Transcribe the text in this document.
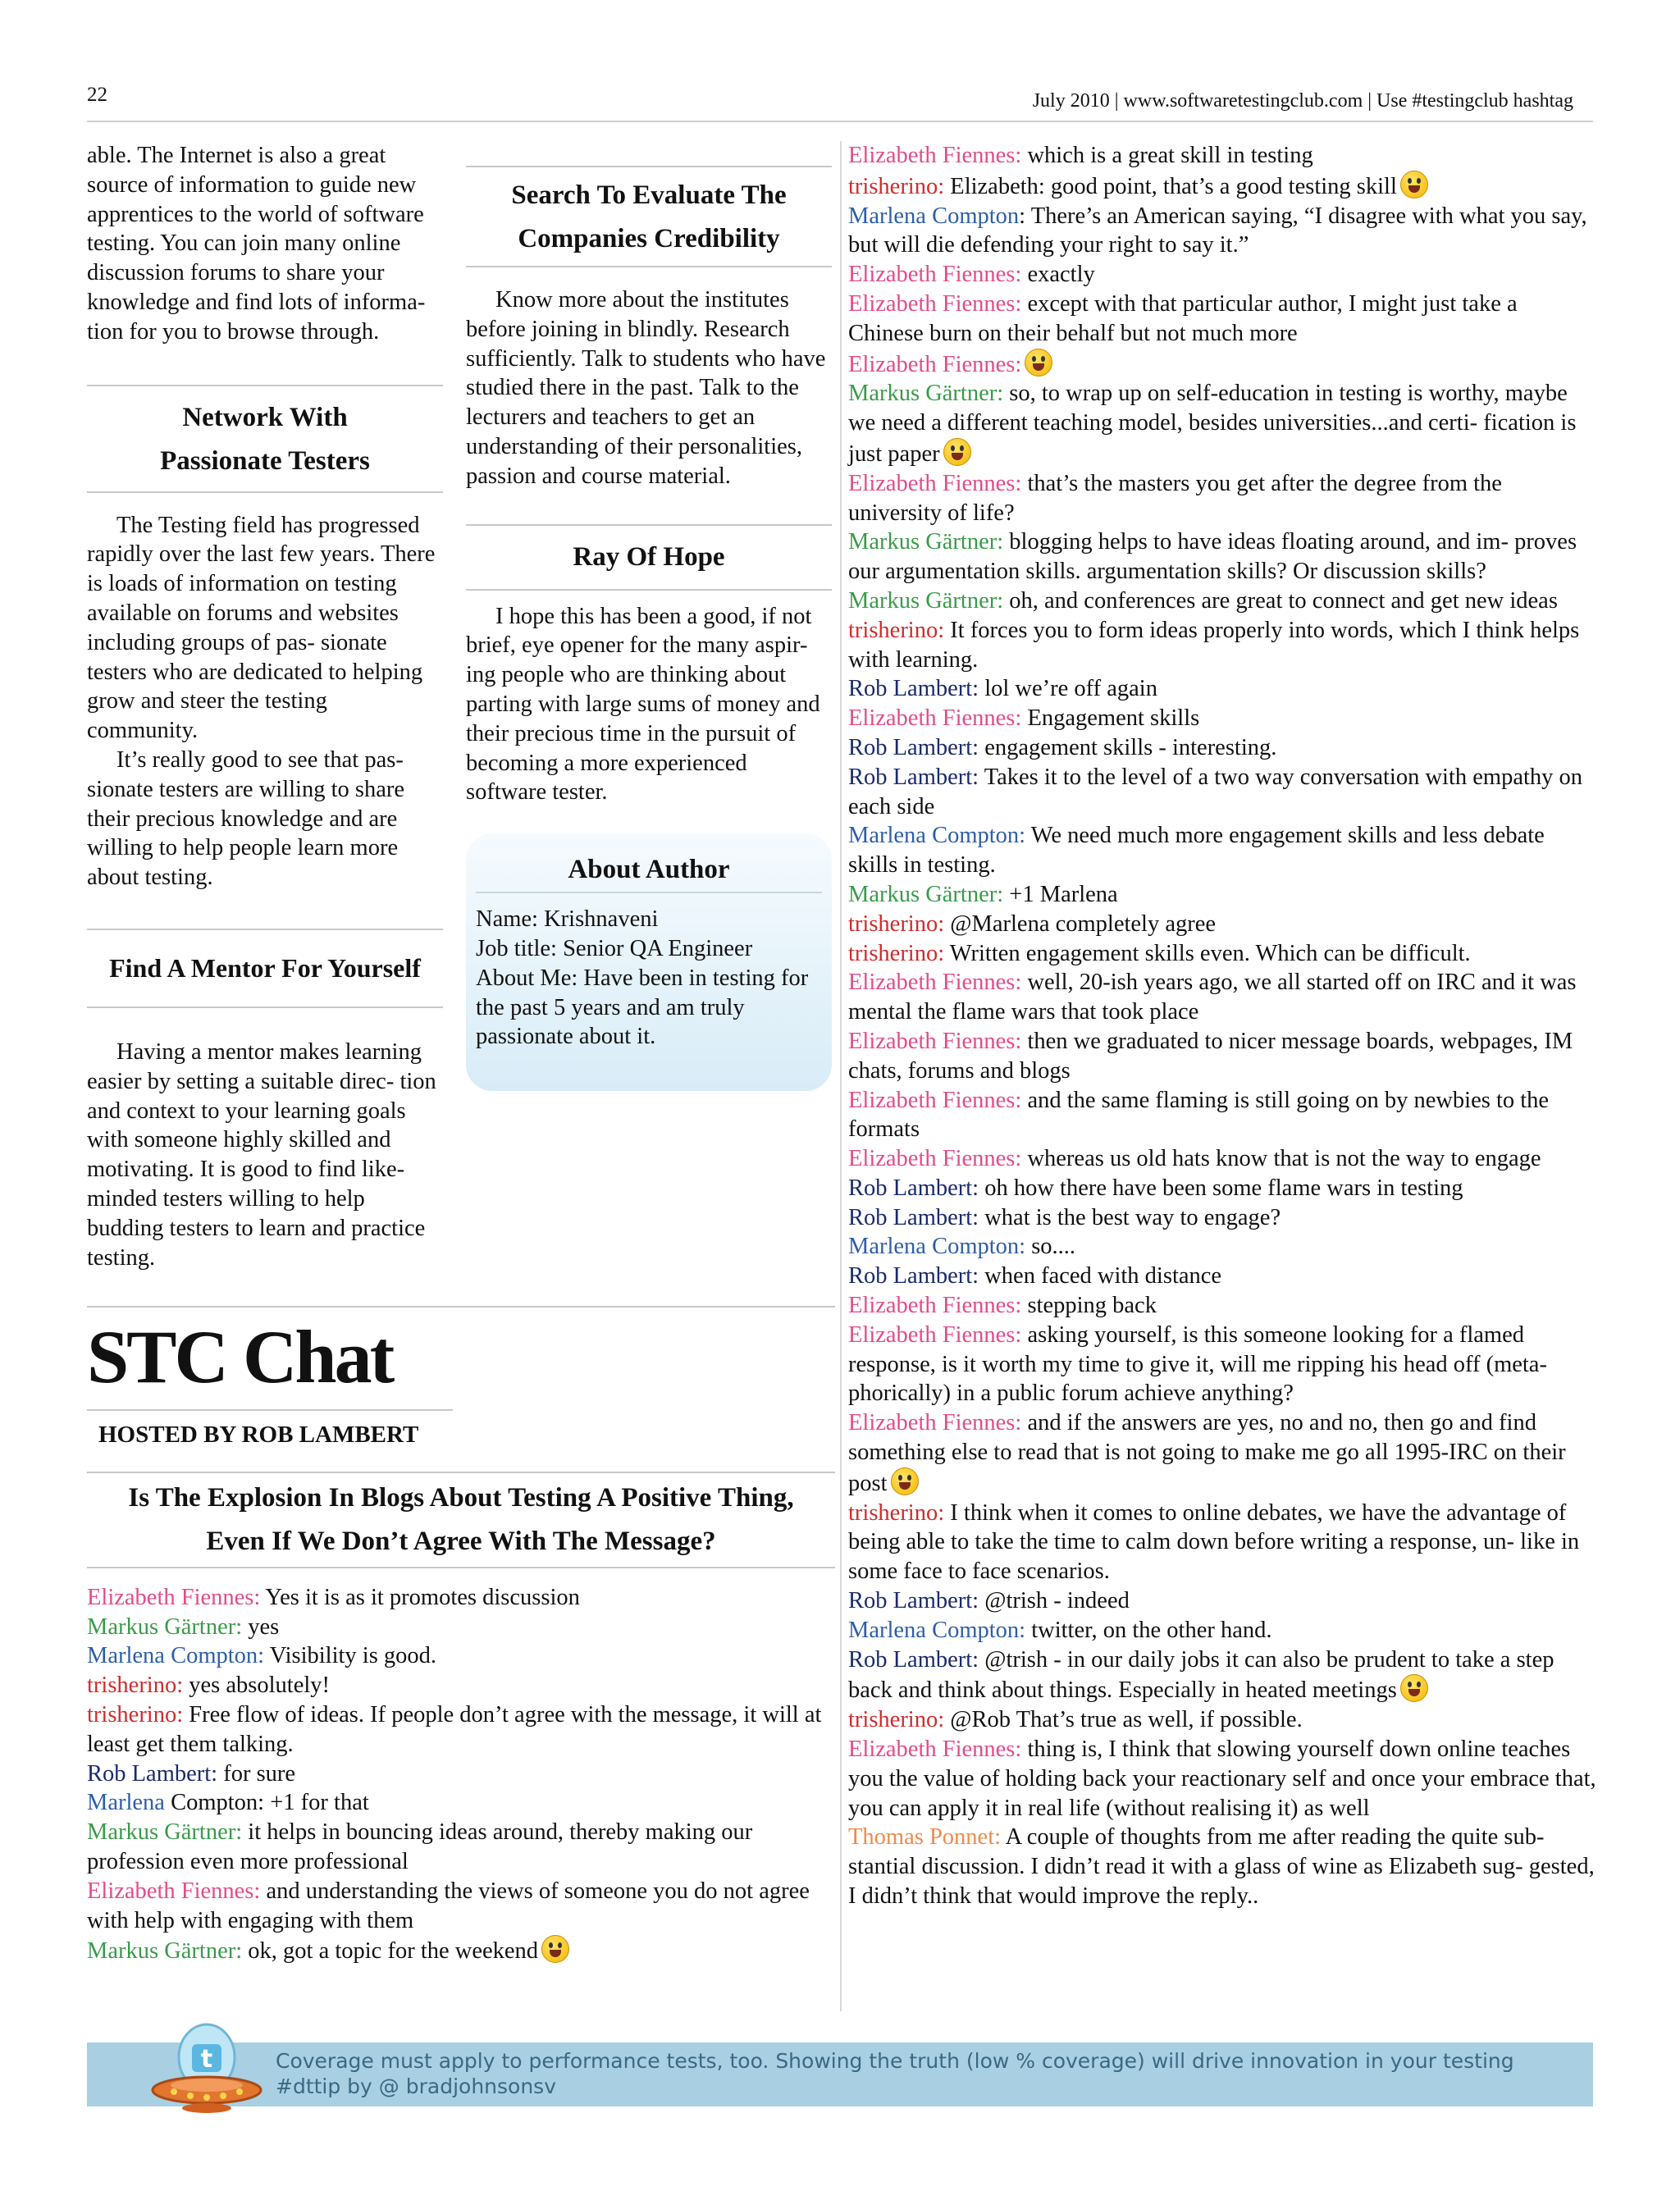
22	July 2010 | www.softwaretestingclub.com | Use #testingclub hashtag

able. The Internet is also a great source of information to guide new apprentices to the world of software testing. You can join many online discussion forums to share your knowledge and find lots of informa- tion for you to browse through.

Network With
Passionate Testers

The Testing field has progressed rapidly over the last few years. There is loads of information on testing available on forums and websites including groups of pas- sionate testers who are dedicated to helping grow and steer the testing community.

It’s really good to see that pas- sionate testers are willing to share their precious knowledge and are willing to help people learn more about testing.

Find A Mentor For Yourself

Having a mentor makes learning easier by setting a suitable direc- tion and context to your learning goals with someone highly skilled and motivating. It is good to find like- minded testers willing to help budding testers to learn and practice testing.

Search To Evaluate The
Companies Credibility

Know more about the institutes before joining in blindly. Research sufficiently. Talk to students who have studied there in the past. Talk to the lecturers and teachers to get an understanding of their personalities, passion and course material.

Ray Of Hope

I hope this has been a good, if not brief, eye opener for the many aspir- ing people who are thinking about parting with large sums of money and their precious time in the pursuit of becoming a more experienced software tester.

About Author

Name: Krishnaveni

Job title: Senior QA Engineer

About Me: Have been in testing for the past 5 years and am truly passionate about it.

STC Chat
HOSTED BY ROB LAMBERT
Is The Explosion In Blogs About Testing A Positive Thing,
Even If We Don’t Agree With The Message?

Elizabeth Fiennes: Yes it is as it promotes discussion

Markus Gärtner: yes

Marlena Compton: Visibility is good.

trisherino: yes absolutely!

trisherino: Free flow of ideas. If people don’t agree with the message, it will at least get them talking.

Rob Lambert: for sure

Marlena Compton: +1 for that

Markus Gärtner: it helps in bouncing ideas around, thereby making our profession even more professional

Elizabeth Fiennes: and understanding the views of someone you do not agree with help with engaging with them

Markus Gärtner: ok, got a topic for the weekend

Elizabeth Fiennes: which is a great skill in testing

trisherino: Elizabeth: good point, that’s a good testing skill

Marlena Compton: There’s an American saying, “I disagree with what you say, but will die defending your right to say it.”

Elizabeth Fiennes: exactly

Elizabeth Fiennes: except with that particular author, I might just take a Chinese burn on their behalf but not much more

Elizabeth Fiennes:

Markus Gärtner: so, to wrap up on self-education in testing is worthy, maybe we need a different teaching model, besides universities...and certi- fication is just paper

Elizabeth Fiennes: that’s the masters you get after the degree from the university of life?

Markus Gärtner: blogging helps to have ideas floating around, and im- proves our argumentation skills. argumentation skills? Or discussion skills?

Markus Gärtner: oh, and conferences are great to connect and get new ideas

trisherino: It forces you to form ideas properly into words, which I think helps with learning.

Rob Lambert: lol we’re off again

Elizabeth Fiennes: Engagement skills

Rob Lambert: engagement skills - interesting.

Rob Lambert: Takes it to the level of a two way conversation with empathy on each side

Marlena Compton: We need much more engagement skills and less debate skills in testing.

Markus Gärtner: +1 Marlena

trisherino: @Marlena completely agree

trisherino: Written engagement skills even. Which can be difficult.

Elizabeth Fiennes: well, 20-ish years ago, we all started off on IRC and it was mental the flame wars that took place

Elizabeth Fiennes: then we graduated to nicer message boards, webpages, IM chats, forums and blogs

Elizabeth Fiennes: and the same flaming is still going on by newbies to the formats

Elizabeth Fiennes: whereas us old hats know that is not the way to engage

Rob Lambert: oh how there have been some flame wars in testing

Rob Lambert: what is the best way to engage?

Marlena Compton: so....

Rob Lambert: when faced with distance

Elizabeth Fiennes: stepping back

Elizabeth Fiennes: asking yourself, is this someone looking for a flamed response, is it worth my time to give it, will me ripping his head off (meta- phorically) in a public forum achieve anything?

Elizabeth Fiennes: and if the answers are yes, no and no, then go and find something else to read that is not going to make me go all 1995-IRC on their post

trisherino: I think when it comes to online debates, we have the advantage of being able to take the time to calm down before writing a response, un- like in some face to face scenarios.

Rob Lambert: @trish - indeed

Marlena Compton: twitter, on the other hand.

Rob Lambert: @trish - in our daily jobs it can also be prudent to take a step back and think about things. Especially in heated meetings

trisherino: @Rob That’s true as well, if possible.

Elizabeth Fiennes: thing is, I think that slowing yourself down online teaches you the value of holding back your reactionary self and once your embrace that, you can apply it in real life (without realising it) as well

Thomas Ponnet: A couple of thoughts from me after reading the quite sub- stantial discussion. I didn’t read it with a glass of wine as Elizabeth sug- gested, I didn’t think that would improve the reply..

t	Coverage must apply to performance tests, too. Showing the truth (low % coverage) will drive innovation in your testing
#dttip by @ bradjohnsonsv
